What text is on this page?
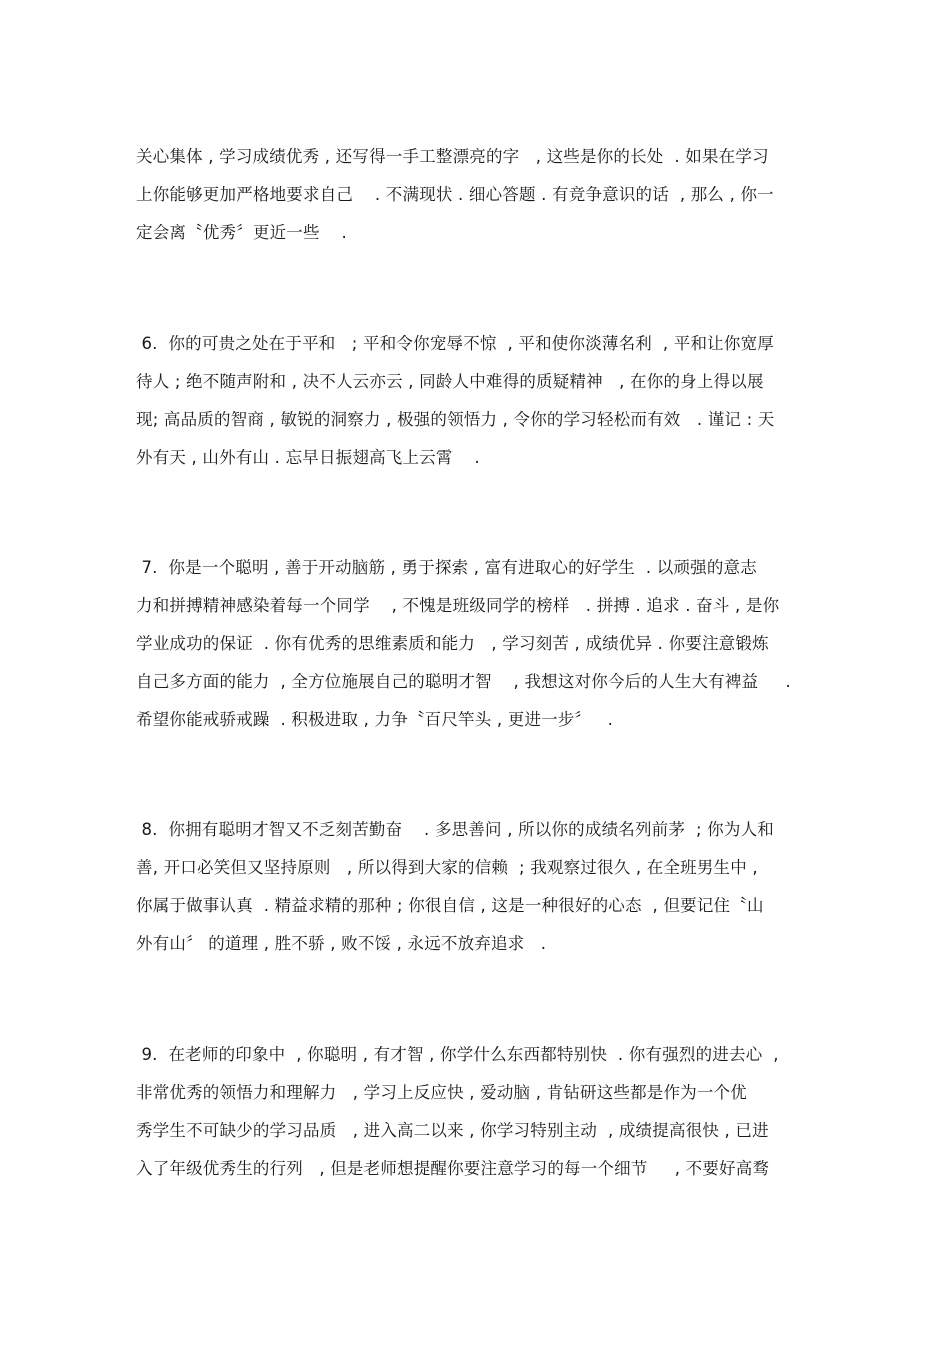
关心集体 , 学习成绩优秀 , 还写得一手工整漂亮的字   , 这些是你的长处  . 如果在学习
上你能够更加严格地要求自己    . 不满现状 . 细心答题 . 有竞争意识的话  , 那么 , 你一
定会离〝优秀〞更近一些    .
6.  你的可贵之处在于平和   ; 平和令你宠辱不惊  , 平和使你淡薄名利  , 平和让你宽厚
待人 ; 绝不随声附和 , 决不人云亦云 , 同龄人中难得的质疑精神   , 在你的身上得以展
现; 高品质的智商 , 敏锐的洞察力 , 极强的领悟力 , 令你的学习轻松而有效   . 谨记 : 天
外有天 , 山外有山 . 忘早日振翅高飞上云霄    .
7.  你是一个聪明 , 善于开动脑筋 , 勇于探索 , 富有进取心的好学生  . 以顽强的意志
力和拼搏精神感染着每一个同学    , 不愧是班级同学的榜样   . 拼搏 . 追求 . 奋斗 , 是你
学业成功的保证  . 你有优秀的思维素质和能力   , 学习刻苦 , 成绩优异 . 你要注意锻炼
自己多方面的能力  , 全方位施展自己的聪明才智    , 我想这对你今后的人生大有裨益     .
希望你能戒骄戒躁  . 积极进取 , 力争〝百尺竿头 , 更进一步〞   .
8.  你拥有聪明才智又不乏刻苦勤奋    . 多思善问 , 所以你的成绩名列前茅  ; 你为人和
善, 开口必笑但又坚持原则   , 所以得到大家的信赖  ; 我观察过很久 , 在全班男生中 ,
你属于做事认真  . 精益求精的那种 ; 你很自信 , 这是一种很好的心态  , 但要记住〝山
外有山〞 的道理 , 胜不骄 , 败不馁 , 永远不放弃追求   .
9.  在老师的印象中  , 你聪明 , 有才智 , 你学什么东西都特别快  . 你有强烈的进去心  ,
非常优秀的领悟力和理解力   , 学习上反应快 , 爱动脑 , 肯钻研这些都是作为一个优
秀学生不可缺少的学习品质   , 进入高二以来 , 你学习特别主动  , 成绩提高很快 , 已进
入了年级优秀生的行列   , 但是老师想提醒你要注意学习的每一个细节     , 不要好高骛
